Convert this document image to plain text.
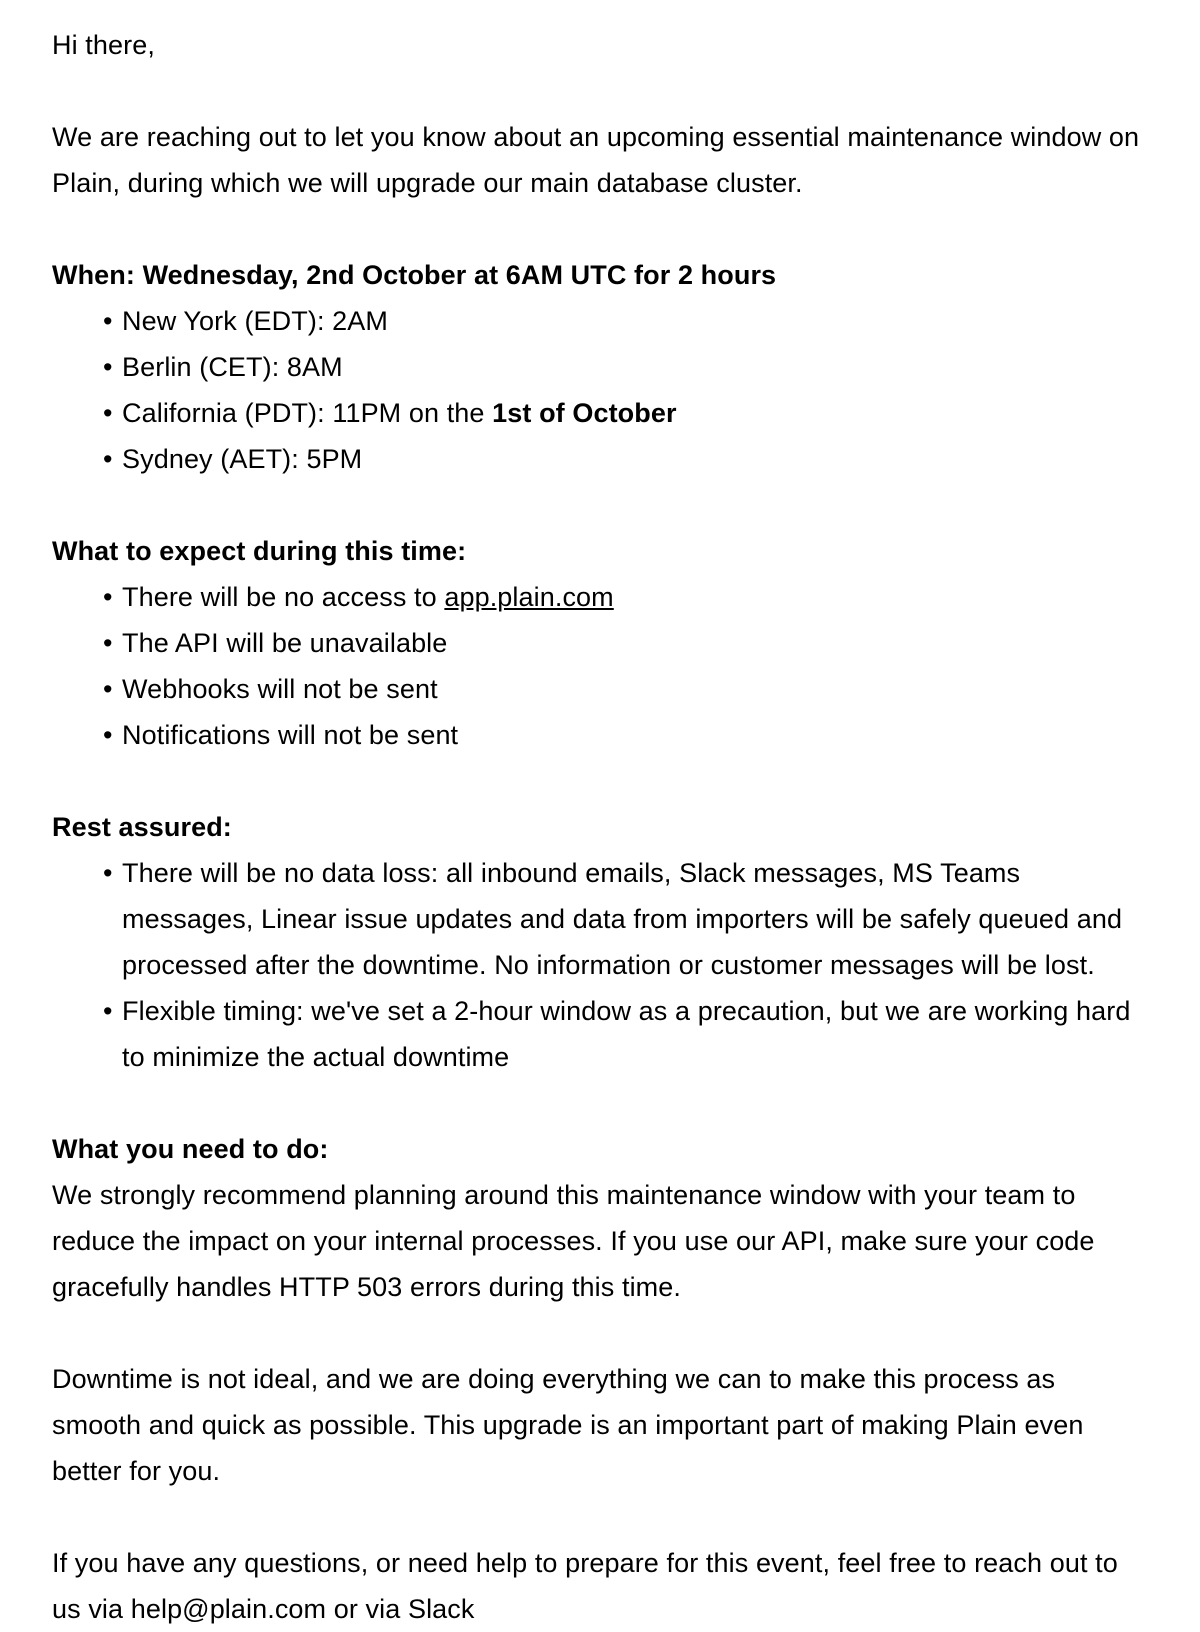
Hi there,

We are reaching out to let you know about an upcoming essential maintenance window on Plain, during which we will upgrade our main database cluster.

When: Wednesday, 2nd October at 6AM UTC for 2 hours

• New York (EDT): 2AM
• Berlin (CET): 8AM
• California (PDT): 11PM on the 1st of October
• Sydney (AET): 5PM

What to expect during this time:

• There will be no access to app.plain.com
• The API will be unavailable
• Webhooks will not be sent
• Notifications will not be sent

Rest assured:

• There will be no data loss: all inbound emails, Slack messages, MS Teams messages, Linear issue updates and data from importers will be safely queued and processed after the downtime. No information or customer messages will be lost.
• Flexible timing: we've set a 2-hour window as a precaution, but we are working hard to minimize the actual downtime

What you need to do:

We strongly recommend planning around this maintenance window with your team to reduce the impact on your internal processes. If you use our API, make sure your code gracefully handles HTTP 503 errors during this time.

Downtime is not ideal, and we are doing everything we can to make this process as smooth and quick as possible. This upgrade is an important part of making Plain even better for you.

If you have any questions, or need help to prepare for this event, feel free to reach out to us via help@plain.com or via Slack
